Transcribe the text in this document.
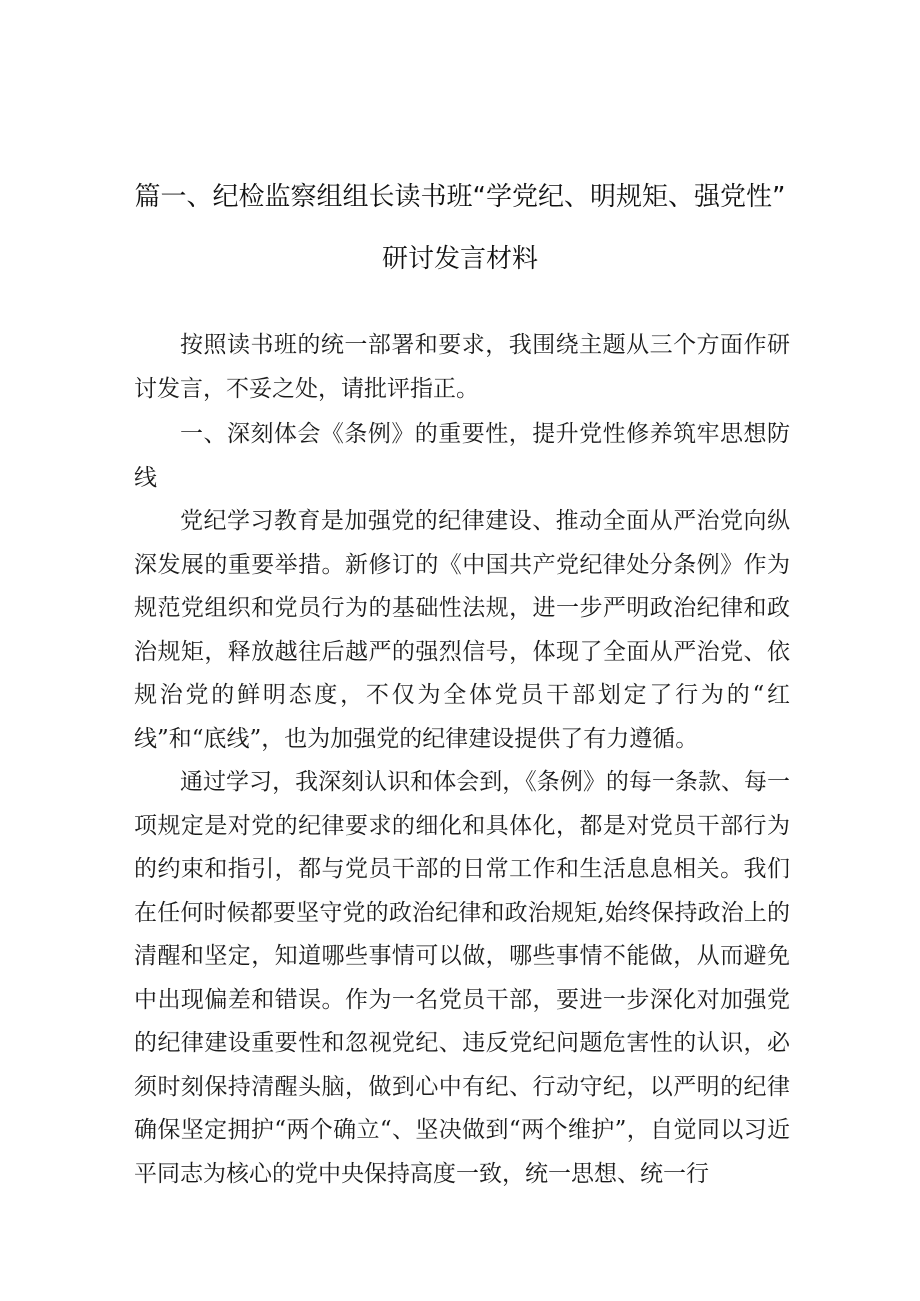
篇一、纪检监察组组长读书班“学党纪、明规矩、强党性”
研讨发言材料

按照读书班的统一部署和要求，我围绕主题从三个方面作研讨发言，不妥之处，请批评指正。

一、深刻体会《条例》的重要性，提升党性修养筑牢思想防线

党纪学习教育是加强党的纪律建设、推动全面从严治党向纵深发展的重要举措。新修订的《中国共产党纪律处分条例》作为规范党组织和党员行为的基础性法规，进一步严明政治纪律和政治规矩，释放越往后越严的强烈信号，体现了全面从严治党、依规治党的鲜明态度，不仅为全体党员干部划定了行为的“红线”和“底线”，也为加强党的纪律建设提供了有力遵循。

通过学习，我深刻认识和体会到，《条例》的每一条款、每一项规定是对党的纪律要求的细化和具体化，都是对党员干部行为的约束和指引，都与党员干部的日常工作和生活息息相关。我们在任何时候都要坚守党的政治纪律和政治规矩,始终保持政治上的清醒和坚定，知道哪些事情可以做，哪些事情不能做，从而避免中出现偏差和错误。作为一名党员干部，要进一步深化对加强党的纪律建设重要性和忽视党纪、违反党纪问题危害性的认识，必须时刻保持清醒头脑，做到心中有纪、行动守纪，以严明的纪律确保坚定拥护“两个确立“、坚决做到“两个维护”，自觉同以习近平同志为核心的党中央保持高度一致，统一思想、统一行
